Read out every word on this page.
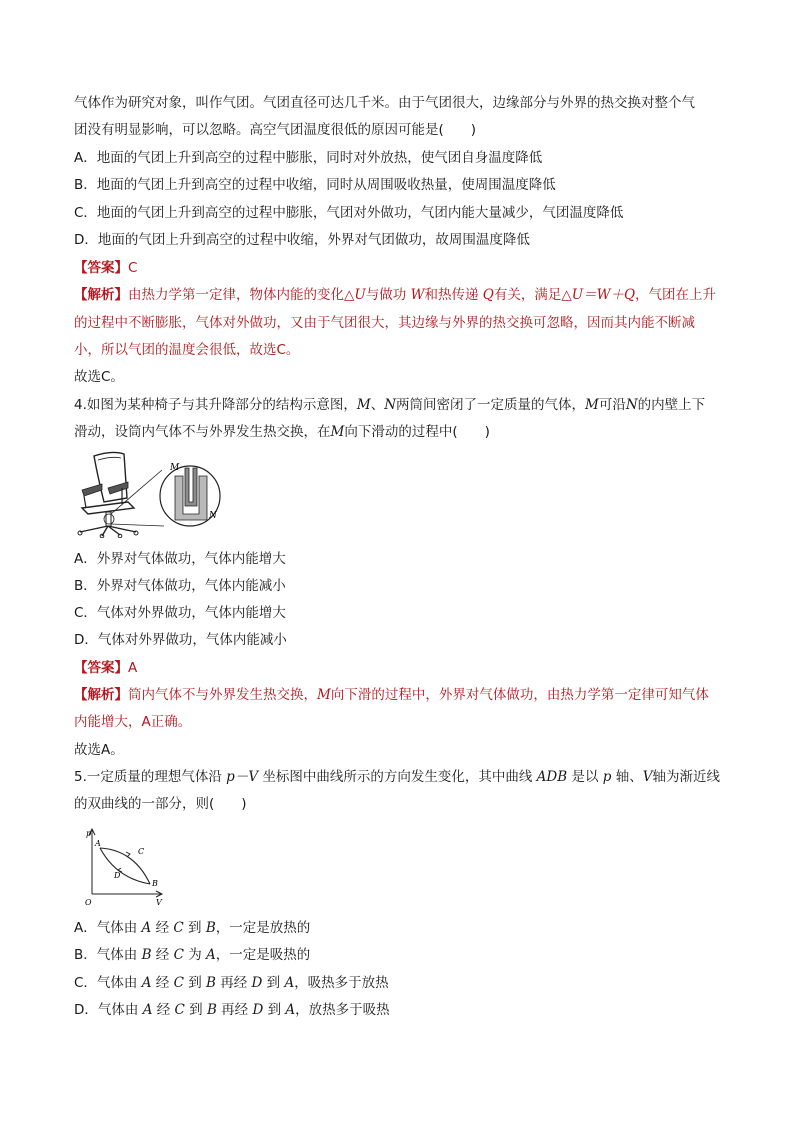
气体作为研究对象，叫作气团。气团直径可达几千米。由于气团很大，边缘部分与外界的热交换对整个气
团没有明显影响，可以忽略。高空气团温度很低的原因可能是(　　)
A．地面的气团上升到高空的过程中膨胀，同时对外放热，使气团自身温度降低
B．地面的气团上升到高空的过程中收缩，同时从周围吸收热量，使周围温度降低
C．地面的气团上升到高空的过程中膨胀，气团对外做功，气团内能大量减少，气团温度降低
D．地面的气团上升到高空的过程中收缩，外界对气团做功，故周围温度降低
【答案】C
【解析】由热力学第一定律，物体内能的变化△U与做功 W和热传递 Q有关，满足△U＝W＋Q，气团在上升
的过程中不断膨胀，气体对外做功，又由于气团很大，其边缘与外界的热交换可忽略，因而其内能不断减
小，所以气团的温度会很低，故选C。
故选C。
4.如图为某种椅子与其升降部分的结构示意图，M、N两筒间密闭了一定质量的气体，M可沿N的内壁上下
滑动，设筒内气体不与外界发生热交换，在M向下滑动的过程中(　　)
M
N
A．外界对气体做功，气体内能增大
B．外界对气体做功，气体内能减小
C．气体对外界做功，气体内能增大
D．气体对外界做功，气体内能减小
【答案】A
【解析】筒内气体不与外界发生热交换，M向下滑的过程中，外界对气体做功，由热力学第一定律可知气体
内能增大，A正确。
故选A。
5.一定质量的理想气体沿 p－V 坐标图中曲线所示的方向发生变化，其中曲线 ADB 是以 p 轴、V轴为渐近线
的双曲线的一部分，则(　　)
p
V
O
A
B
C
D
A．气体由 A 经 C 到 B，一定是放热的
B．气体由 B 经 C 为 A，一定是吸热的
C．气体由 A 经 C 到 B 再经 D 到 A，吸热多于放热
D．气体由 A 经 C 到 B 再经 D 到 A，放热多于吸热
